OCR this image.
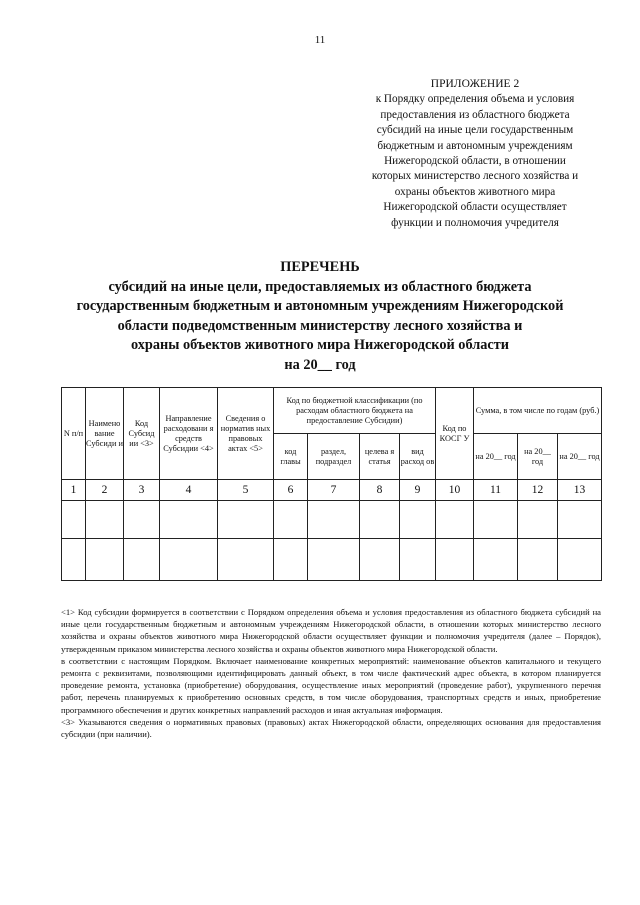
11
ПРИЛОЖЕНИЕ 2
к Порядку определения объема и условия
предоставления из областного бюджета
субсидий на иные цели государственным
бюджетным и автономным учреждениям
Нижегородской области, в отношении
которых министерство лесного хозяйства и
охраны объектов животного мира
Нижегородской области осуществляет
функции и полномочия учредителя
ПЕРЕЧЕНЬ
субсидий на иные цели, предоставляемых из областного бюджета
государственным бюджетным и автономным учреждениям Нижегородской
области подведомственным министерству лесного хозяйства и
охраны объектов животного мира Нижегородской области
на 20__ год
N п/п	Наимено вание Субсиди и	Код Субсид ии <3>	Направление расходовани я средств Субсидии <4>	Сведения о норматив ных правовых актах <5>	Код по бюджетной классификации (по расходам областного бюджета на предоставление Субсидии)				Код по КОСГ У	Сумма, в том числе по годам (руб.)		
					код главы	раздел, подраздел	целева я статья	вид расход ов		на 20__ год	на 20__ год	на 20__ год
1	2	3	4	5	6	7	8	9	10	11	12	13

<1> Код субсидии формируется в соответствии с Порядком определения объема и условия предоставления из областного бюджета субсидий на иные цели государственным бюджетным и автономным учреждениям Нижегородской области, в отношении которых министерство лесного хозяйства и охраны объектов животного мира Нижегородской области осуществляет функции и полномочия учредителя (далее – Порядок), утвержденным приказом министерства лесного хозяйства и охраны объектов животного мира Нижегородской области.

в соответствии с настоящим Порядком. Включает наименование конкретных мероприятий: наименование объектов капитального и текущего ремонта с реквизитами, позволяющими идентифицировать данный объект, в том числе фактический адрес объекта, в котором планируется проведение ремонта, установка (приобретение) оборудования, осуществление иных мероприятий (проведение работ), укрупненного перечня работ, перечень планируемых к приобретению основных средств, в том числе оборудования, транспортных средств и иных, приобретение программного обеспечения и других конкретных направлений расходов и иная актуальная информация.

<3> Указываются сведения о нормативных правовых (правовых) актах Нижегородской области, определяющих основания для предоставления субсидии (при наличии).
